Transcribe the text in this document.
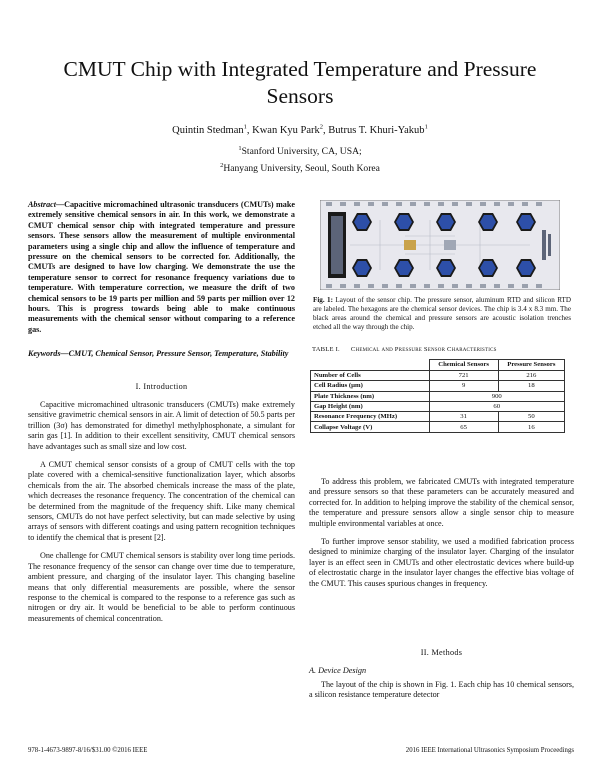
CMUT Chip with Integrated Temperature and Pressure Sensors
Quintin Stedman$^1$, Kwan Kyu Park$^2$, Butrus T. Khuri-Yakub$^1$
$^1$Stanford University, CA, USA;
$^2$Hanyang University, Seoul, South Korea
Abstract—Capacitive micromachined ultrasonic transducers (CMUTs) make extremely sensitive chemical sensors in air. In this work, we demonstrate a CMUT chemical sensor chip with integrated temperature and pressure sensors. These sensors allow the measurement of multiple environmental parameters using a single chip and allow the influence of temperature and pressure on the chemical sensors to be corrected for. Additionally, the CMUTs are designed to have low charging. We demonstrate the use the temperature sensor to correct for resonance frequency variations due to temperature. With temperature correction, we measure the drift of two chemical sensors to be 19 parts per million and 59 parts per million over 12 hours. This is progress towards being able to make continuous measurements with the chemical sensor without comparing to a reference gas.
Keywords—CMUT, Chemical Sensor, Pressure Sensor, Temperature, Stability
I. Introduction

Capacitive micromachined ultrasonic transducers (CMUTs) make extremely sensitive gravimetric chemical sensors in air. A limit of detection of 50.5 parts per trillion (3σ) has demonstrated for dimethyl methylphosphonate, a simulant for sarin gas [1]. In addition to their excellent sensitivity, CMUT chemical sensors have advantages such as small size and low cost.

A CMUT chemical sensor consists of a group of CMUT cells with the top plate covered with a chemical-sensitive functionalization layer, which absorbs chemicals from the air. The absorbed chemicals increase the mass of the plate, which decreases the resonance frequency. The concentration of the chemical can be determined from the magnitude of the frequency shift. Like many chemical sensors, CMUTs do not have perfect selectivity, but can made selective by using arrays of sensors with different coatings and using pattern recognition techniques to identify the chemical that is present [2].

One challenge for CMUT chemical sensors is stability over long time periods. The resonance frequency of the sensor can change over time due to temperature, ambient pressure, and charging of the insulator layer. This changing baseline means that only differential measurements are possible, where the sensor response to the chemical is compared to the response to a reference gas such as nitrogen or dry air. It would be beneficial to be able to perform continuous measurements of chemical concentration.

Fig. 1: Layout of the sensor chip. The pressure sensor, aluminum RTD and silicon RTD are labeled. The hexagons are the chemical sensor devices. The chip is 3.4 x 8.3 mm. The black areas around the chemical and pressure sensors are acoustic isolation trenches etched all the way through the chip.
TABLE I. Chemical and Pressure Sensor Characteristics
	Chemical Sensors	Pressure Sensors
Number of Cells	721	216
Cell Radius (µm)	9	18
Plate Thickness (nm)	900	
Gap Height (nm)	60	
Resonance Frequency (MHz)	31	50
Collapse Voltage (V)	65	16

To address this problem, we fabricated CMUTs with integrated temperature and pressure sensors so that these parameters can be accurately measured and corrected for. In addition to helping improve the stability of the chemical sensor, the temperature and pressure sensors allow a single sensor chip to measure multiple environmental variables at once.

To further improve sensor stability, we used a modified fabrication process designed to minimize charging of the insulator layer. Charging of the insulator layer is an effect seen in CMUTs and other electrostatic devices where build-up of electrostatic charge in the insulator layer changes the effective bias voltage of the CMUT. This causes spurious changes in frequency.

II. Methods
A. Device Design

The layout of the chip is shown in Fig. 1. Each chip has 10 chemical sensors, a silicon resistance temperature detector

978-1-4673-9897-8/16/$31.00 ©2016 IEEE	2016 IEEE International Ultrasonics Symposium Proceedings
